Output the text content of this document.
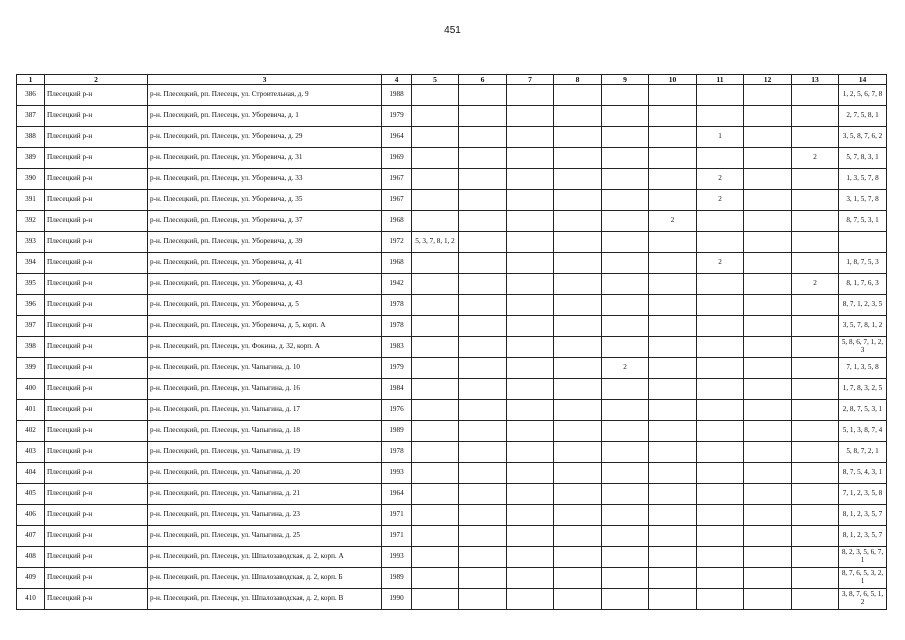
451
1	2	3	4	5	6	7	8	9	10	11	12	13	14
386	Плесецкий р-н	р-н. Плесецкий, рп. Плесецк, ул. Строительная, д. 9	1988										1, 2, 5, 6, 7, 8
387	Плесецкий р-н	р-н. Плесецкий, рп. Плесецк, ул. Уборевича, д. 1	1979										2, 7, 5, 8, 1
388	Плесецкий р-н	р-н. Плесецкий, рп. Плесецк, ул. Уборевича, д. 29	1964							1			3, 5, 8, 7, 6, 2
389	Плесецкий р-н	р-н. Плесецкий, рп. Плесецк, ул. Уборевича, д. 31	1969									2	5, 7, 8, 3, 1
390	Плесецкий р-н	р-н. Плесецкий, рп. Плесецк, ул. Уборевича, д. 33	1967							2			1, 3, 5, 7, 8
391	Плесецкий р-н	р-н. Плесецкий, рп. Плесецк, ул. Уборевича, д. 35	1967							2			3, 1, 5, 7, 8
392	Плесецкий р-н	р-н. Плесецкий, рп. Плесецк, ул. Уборевича, д. 37	1968						2				8, 7, 5, 3, 1
393	Плесецкий р-н	р-н. Плесецкий, рп. Плесецк, ул. Уборевича, д. 39	1972	5, 3, 7, 8, 1, 2									
394	Плесецкий р-н	р-н. Плесецкий, рп. Плесецк, ул. Уборевича, д. 41	1968							2			1, 8, 7, 5, 3
395	Плесецкий р-н	р-н. Плесецкий, рп. Плесецк, ул. Уборевича, д. 43	1942									2	8, 1, 7, 6, 3
396	Плесецкий р-н	р-н. Плесецкий, рп. Плесецк, ул. Уборевича, д. 5	1978										8, 7, 1, 2, 3, 5
397	Плесецкий р-н	р-н. Плесецкий, рп. Плесецк, ул. Уборевича, д. 5, корп. А	1978										3, 5, 7, 8, 1, 2
398	Плесецкий р-н	р-н. Плесецкий, рп. Плесецк, ул. Фокина, д. 32, корп. А	1983										5, 8, 6, 7, 1, 2, 3
399	Плесецкий р-н	р-н. Плесецкий, рп. Плесецк, ул. Чапыгина, д. 10	1979					2					7, 1, 3, 5, 8
400	Плесецкий р-н	р-н. Плесецкий, рп. Плесецк, ул. Чапыгина, д. 16	1984										1, 7, 8, 3, 2, 5
401	Плесецкий р-н	р-н. Плесецкий, рп. Плесецк, ул. Чапыгина, д. 17	1976										2, 8, 7, 5, 3, 1
402	Плесецкий р-н	р-н. Плесецкий, рп. Плесецк, ул. Чапыгина, д. 18	1989										5, 1, 3, 8, 7, 4
403	Плесецкий р-н	р-н. Плесецкий, рп. Плесецк, ул. Чапыгина, д. 19	1978										5, 8, 7, 2, 1
404	Плесецкий р-н	р-н. Плесецкий, рп. Плесецк, ул. Чапыгина, д. 20	1993										8, 7, 5, 4, 3, 1
405	Плесецкий р-н	р-н. Плесецкий, рп. Плесецк, ул. Чапыгина, д. 21	1964										7, 1, 2, 3, 5, 8
406	Плесецкий р-н	р-н. Плесецкий, рп. Плесецк, ул. Чапыгина, д. 23	1971										8, 1, 2, 3, 5, 7
407	Плесецкий р-н	р-н. Плесецкий, рп. Плесецк, ул. Чапыгина, д. 25	1971										8, 1, 2, 3, 5, 7
408	Плесецкий р-н	р-н. Плесецкий, рп. Плесецк, ул. Шпалозаводская, д. 2, корп. А	1993										8, 2, 3, 5, 6, 7, 1
409	Плесецкий р-н	р-н. Плесецкий, рп. Плесецк, ул. Шпалозаводская, д. 2, корп. Б	1989										8, 7, 6, 5, 3, 2, 1
410	Плесецкий р-н	р-н. Плесецкий, рп. Плесецк, ул. Шпалозаводская, д. 2, корп. В	1990										3, 8, 7, 6, 5, 1, 2
